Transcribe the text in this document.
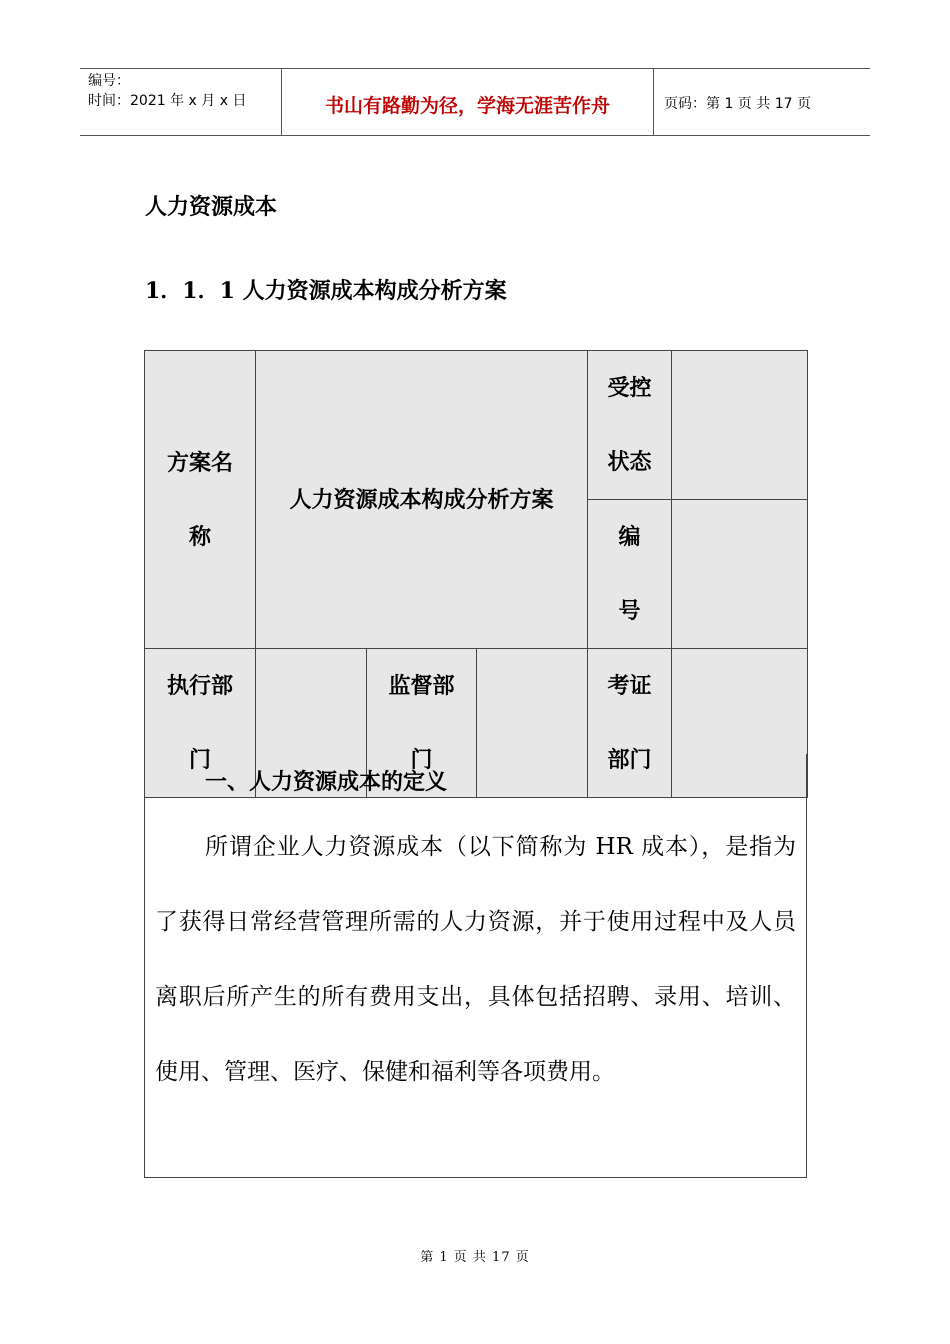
编号：
时间：2021 年 x 月 x 日	书山有路勤为径，学海无涯苦作舟	页码：第 1 页 共 17 页
人力资源成本
1．1．1 人力资源成本构成分析方案
方案名称	人力资源成本构成分析方案			受控状态	

				编号	

执行部门		监督部门		考证部门	

一、人力资源成本的定义

所谓企业人力资源成本（以下简称为 HR 成本），是指为了获得日常经营管理所需的人力资源，并于使用过程中及人员离职后所产生的所有费用支出，具体包括招聘、录用、培训、使用、管理、医疗、保健和福利等各项费用。

第 1 页 共 17 页
